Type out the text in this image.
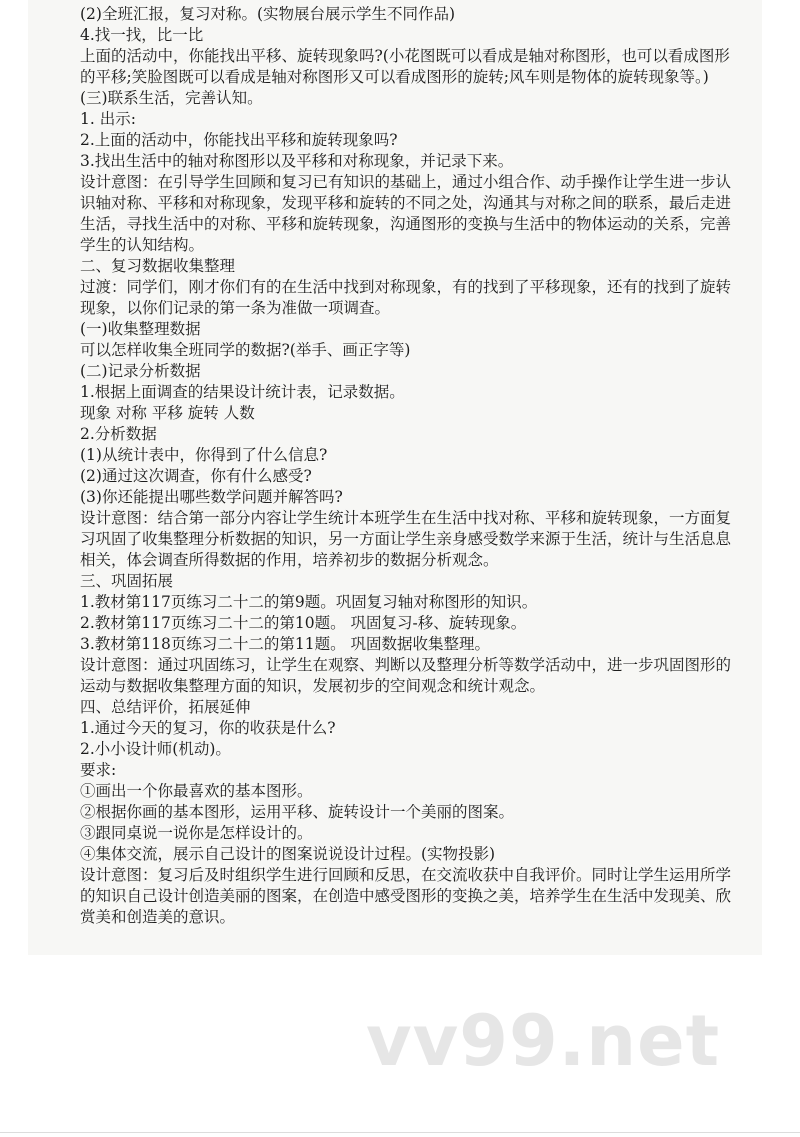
(2)全班汇报，复习对称。(实物展台展示学生不同作品)

4.找一找，比一比

上面的活动中，你能找出平移、旋转现象吗?(小花图既可以看成是轴对称图形，也可以看成图形的平移;笑脸图既可以看成是轴对称图形又可以看成图形的旋转;风车则是物体的旋转现象等。)

(三)联系生活，完善认知。

1. 出示:

2.上面的活动中，你能找出平移和旋转现象吗?

3.找出生活中的轴对称图形以及平移和对称现象，并记录下来。

设计意图：在引导学生回顾和复习已有知识的基础上，通过小组合作、动手操作让学生进一步认识轴对称、平移和对称现象，发现平移和旋转的不同之处，沟通其与对称之间的联系，最后走进生活，寻找生活中的对称、平移和旋转现象，沟通图形的变换与生活中的物体运动的关系，完善学生的认知结构。

二、复习数据收集整理

过渡：同学们，刚才你们有的在生活中找到对称现象，有的找到了平移现象，还有的找到了旋转现象，以你们记录的第一条为准做一项调查。

(一)收集整理数据

可以怎样收集全班同学的数据?(举手、画正字等)

(二)记录分析数据

1.根据上面调查的结果设计统计表，记录数据。

现象 对称 平移 旋转 人数

2.分析数据

(1)从统计表中，你得到了什么信息?

(2)通过这次调查，你有什么感受?

(3)你还能提出哪些数学问题并解答吗?

设计意图：结合第一部分内容让学生统计本班学生在生活中找对称、平移和旋转现象，一方面复习巩固了收集整理分析数据的知识，另一方面让学生亲身感受数学来源于生活，统计与生活息息相关，体会调查所得数据的作用，培养初步的数据分析观念。

三、巩固拓展

1.教材第117页练习二十二的第9题。巩固复习轴对称图形的知识。

2.教材第117页练习二十二的第10题。 巩固复习-移、旋转现象。

3.教材第118页练习二十二的第11题。 巩固数据收集整理。

设计意图：通过巩固练习，让学生在观察、判断以及整理分析等数学活动中，进一步巩固图形的运动与数据收集整理方面的知识，发展初步的空间观念和统计观念。

四、总结评价，拓展延伸

1.通过今天的复习，你的收获是什么?

2.小小设计师(机动)。

要求:

①画出一个你最喜欢的基本图形。

②根据你画的基本图形，运用平移、旋转设计一个美丽的图案。

③跟同桌说一说你是怎样设计的。

④集体交流，展示自己设计的图案说说设计过程。(实物投影)

设计意图：复习后及时组织学生进行回顾和反思，在交流收获中自我评价。同时让学生运用所学的知识自己设计创造美丽的图案，在创造中感受图形的变换之美，培养学生在生活中发现美、欣赏美和创造美的意识。

vv99.net
